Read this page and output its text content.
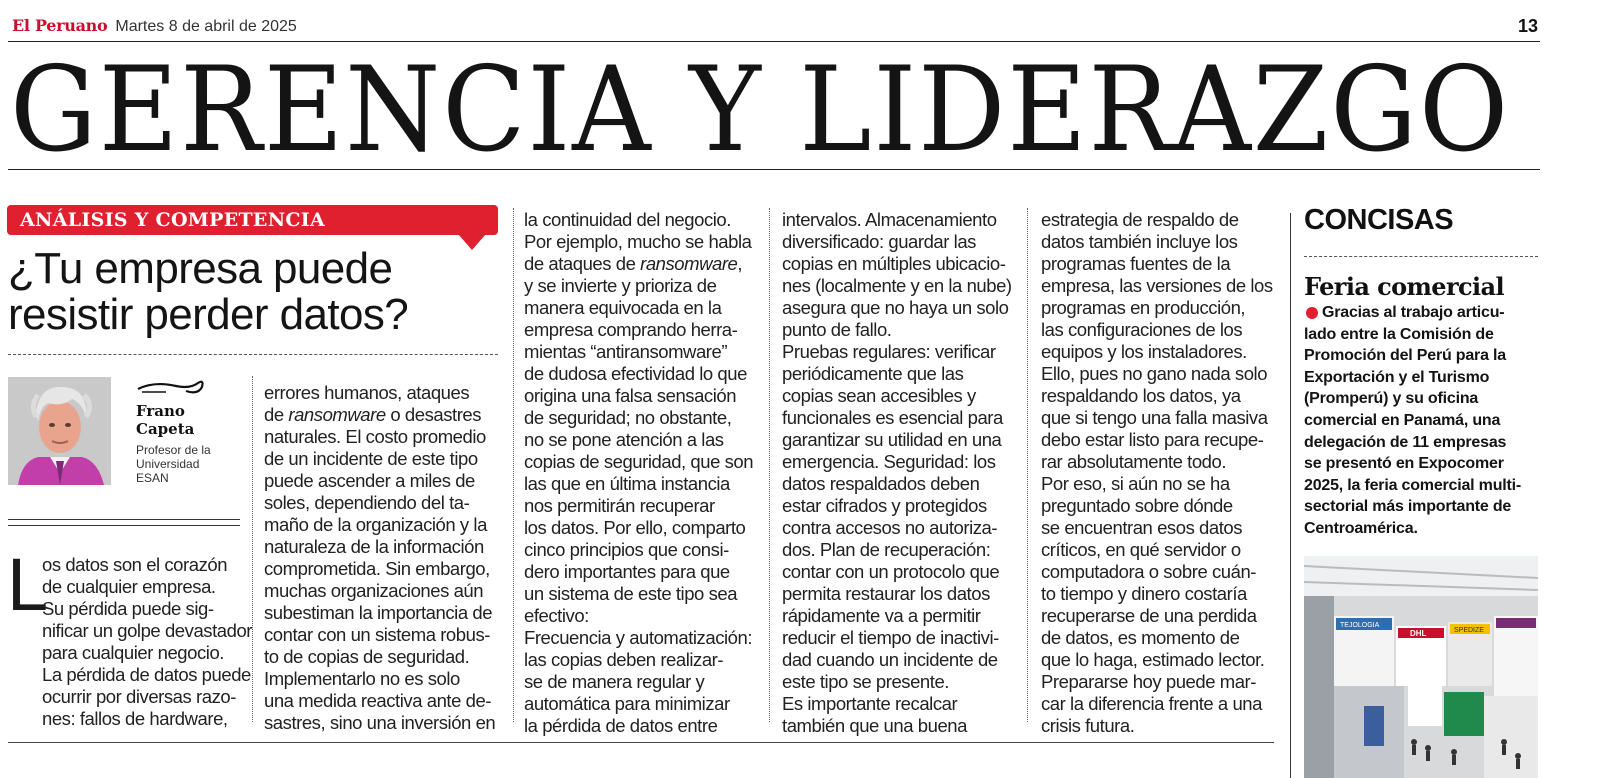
El Peruano Martes 8 de abril de 2025	13
GERENCIA Y LIDERAZGO
ANÁLISIS Y COMPETENCIA
¿Tu empresa puede
resistir perder datos?
Frano
Capeta
Profesor de la
Universidad
ESAN
L
os datos son el corazón
de cualquier empresa.
Su pérdida puede sig-
nificar un golpe devastador
para cualquier negocio.
La pérdida de datos puede
ocurrir por diversas razo-
nes: fallos de hardware,
errores humanos, ataques
de ransomware o desastres
naturales. El costo promedio
de un incidente de este tipo
puede ascender a miles de
soles, dependiendo del ta-
maño de la organización y la
naturaleza de la información
comprometida. Sin embargo,
muchas organizaciones aún
subestiman la importancia de
contar con un sistema robus-
to de copias de seguridad.
Implementarlo no es solo
una medida reactiva ante de-
sastres, sino una inversión en
la continuidad del negocio.
Por ejemplo, mucho se habla
de ataques de ransomware,
y se invierte y prioriza de
manera equivocada en la
empresa comprando herra-
mientas “antiransomware”
de dudosa efectividad lo que
origina una falsa sensación
de seguridad; no obstante,
no se pone atención a las
copias de seguridad, que son
las que en última instancia
nos permitirán recuperar
los datos. Por ello, comparto
cinco principios que consi-
dero importantes para que
un sistema de este tipo sea
efectivo:
Frecuencia y automatización:
las copias deben realizar-
se de manera regular y
automática para minimizar
la pérdida de datos entre
intervalos. Almacenamiento
diversificado: guardar las
copias en múltiples ubicacio-
nes (localmente y en la nube)
asegura que no haya un solo
punto de fallo.
Pruebas regulares: verificar
periódicamente que las
copias sean accesibles y
funcionales es esencial para
garantizar su utilidad en una
emergencia. Seguridad: los
datos respaldados deben
estar cifrados y protegidos
contra accesos no autoriza-
dos. Plan de recuperación:
contar con un protocolo que
permita restaurar los datos
rápidamente va a permitir
reducir el tiempo de inactivi-
dad cuando un incidente de
este tipo se presente.
Es importante recalcar
también que una buena
estrategia de respaldo de
datos también incluye los
programas fuentes de la
empresa, las versiones de los
programas en producción,
las configuraciones de los
equipos y los instaladores.
Ello, pues no gano nada solo
respaldando los datos, ya
que si tengo una falla masiva
debo estar listo para recupe-
rar absolutamente todo.
Por eso, si aún no se ha
preguntado sobre dónde
se encuentran esos datos
críticos, en qué servidor o
computadora o sobre cuán-
to tiempo y dinero costaría
recuperarse de una perdida
de datos, es momento de
que lo haga, estimado lector.
Prepararse hoy puede mar-
car la diferencia frente a una
crisis futura.
CONCISAS
Feria comercial
Gracias al trabajo articu-
lado entre la Comisión de
Promoción del Perú para la
Exportación y el Turismo
(Promperú) y su oficina
comercial en Panamá, una
delegación de 11 empresas
se presentó en Expocomer
2025, la feria comercial multi-
sectorial más importante de
Centroamérica.
TEJOLOGIA
DHL	SPEDIZE
